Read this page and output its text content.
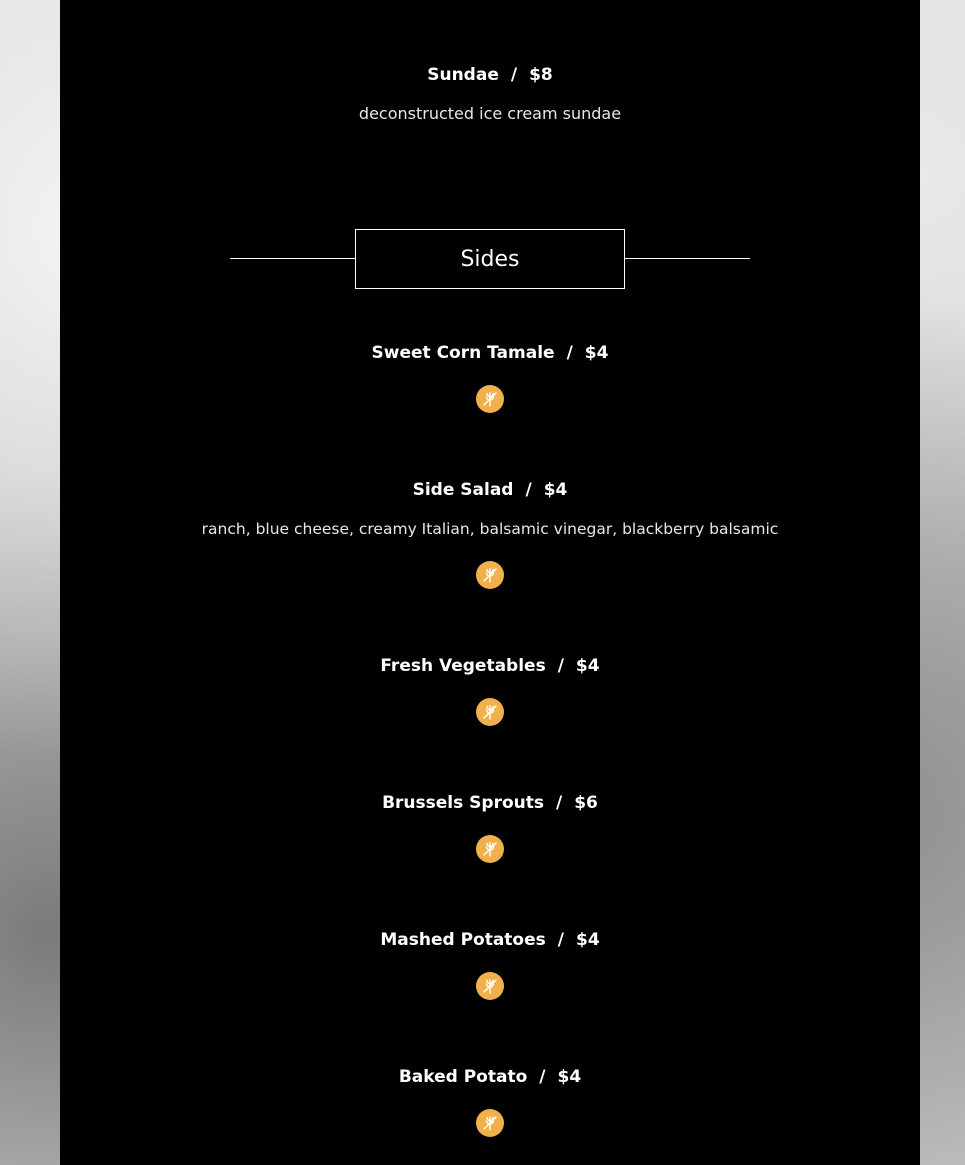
Sundae / $8
deconstructed ice cream sundae
Sides
Sweet Corn Tamale / $4
Side Salad / $4
ranch, blue cheese, creamy Italian, balsamic vinegar, blackberry balsamic
Fresh Vegetables / $4
Brussels Sprouts / $6
Mashed Potatoes / $4
Baked Potato / $4
